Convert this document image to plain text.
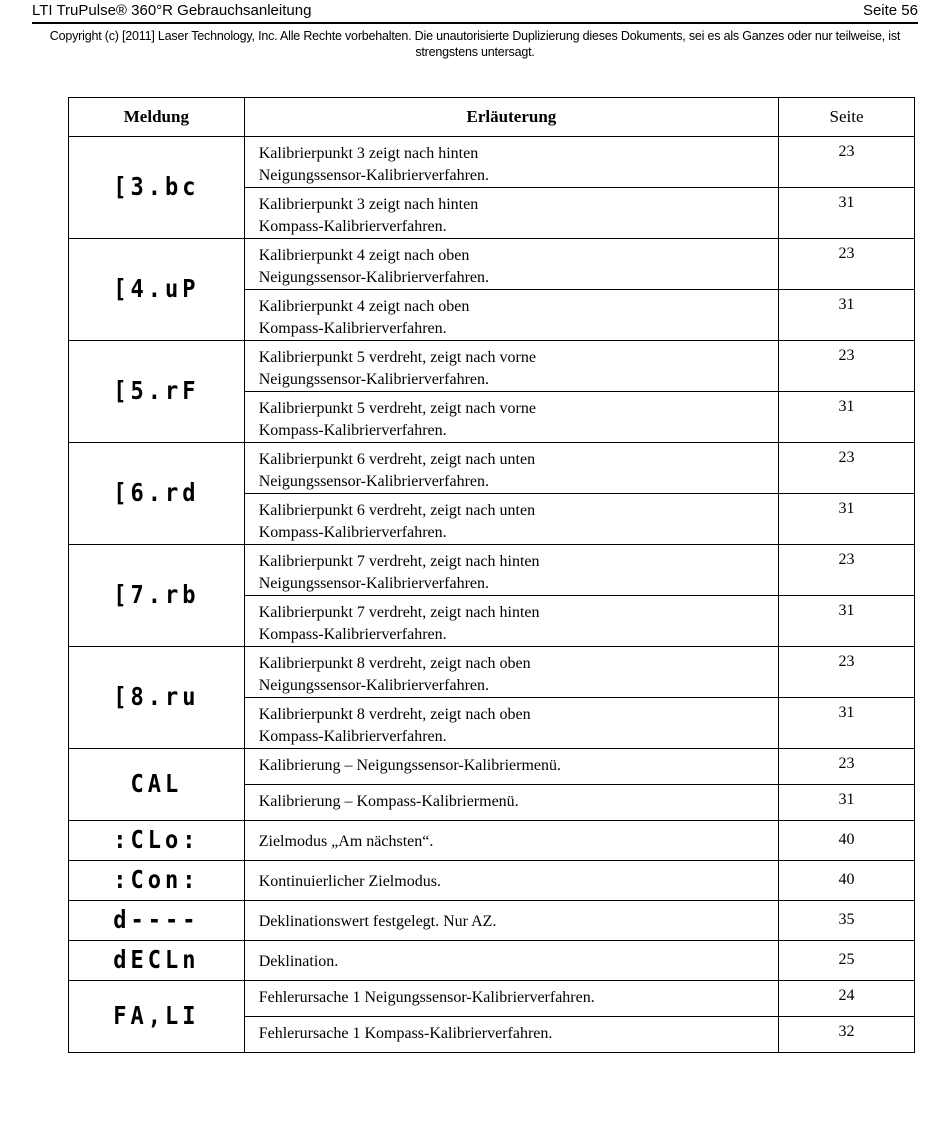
LTI TruPulse® 360°R Gebrauchsanleitung	Seite 56
Copyright (c) [2011] Laser Technology, Inc. Alle Rechte vorbehalten. Die unautorisierte Duplizierung dieses Dokuments, sei es als Ganzes oder nur teilweise, ist strengstens untersagt.
Meldung	Erläuterung	Seite
[3.bc	Kalibrierpunkt 3 zeigt nach hinten
Neigungssensor-Kalibrierverfahren.	23
	Kalibrierpunkt 3 zeigt nach hinten
Kompass-Kalibrierverfahren.	31
[4.uP	Kalibrierpunkt 4 zeigt nach oben
Neigungssensor-Kalibrierverfahren.	23
	Kalibrierpunkt 4 zeigt nach oben
Kompass-Kalibrierverfahren.	31
[5.rF	Kalibrierpunkt 5 verdreht, zeigt nach vorne
Neigungssensor-Kalibrierverfahren.	23
	Kalibrierpunkt 5 verdreht, zeigt nach vorne
Kompass-Kalibrierverfahren.	31
[6.rd	Kalibrierpunkt 6 verdreht, zeigt nach unten
Neigungssensor-Kalibrierverfahren.	23
	Kalibrierpunkt 6 verdreht, zeigt nach unten
Kompass-Kalibrierverfahren.	31
[7.rb	Kalibrierpunkt 7 verdreht, zeigt nach hinten
Neigungssensor-Kalibrierverfahren.	23
	Kalibrierpunkt 7 verdreht, zeigt nach hinten
Kompass-Kalibrierverfahren.	31
[8.ru	Kalibrierpunkt 8 verdreht, zeigt nach oben
Neigungssensor-Kalibrierverfahren.	23
	Kalibrierpunkt 8 verdreht, zeigt nach oben
Kompass-Kalibrierverfahren.	31
CAL	Kalibrierung – Neigungssensor-Kalibriermenü.	23
	Kalibrierung – Kompass-Kalibriermenü.	31
:CLo:	Zielmodus „Am nächsten“.	40
:Con:	Kontinuierlicher Zielmodus.	40
d----	Deklinationswert festgelegt. Nur AZ.	35
dECLn	Deklination.	25
FA,LI	Fehlerursache 1 Neigungssensor-Kalibrierverfahren.	24
	Fehlerursache 1 Kompass-Kalibrierverfahren.	32
